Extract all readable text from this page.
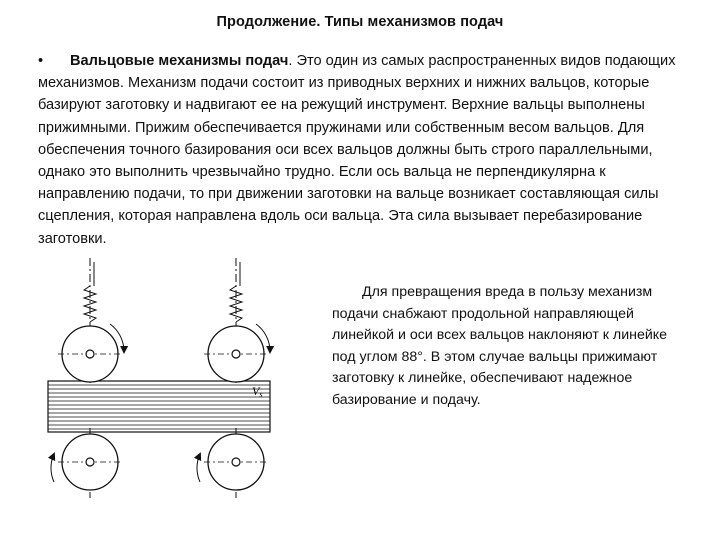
Продолжение. Типы механизмов подач
• Вальцовые механизмы подач. Это один из самых распространенных видов подающих механизмов. Механизм подачи состоит из приводных верхних и нижних вальцов, которые базируют заготовку и надвигают ее на режущий инструмент. Верхние вальцы выполнены прижимными. Прижим обеспечивается пружинами или собственным весом вальцов. Для обеспечения точного базирования оси всех вальцов должны быть строго параллельными, однако это выполнить чрезвычайно трудно. Если ось вальца не перпендикулярна к направлению подачи, то при движении заготовки на вальце возникает составляющая силы сцепления, которая направлена вдоль оси вальца. Эта сила вызывает перебазирование заготовки.
Vs
Для превращения вреда в пользу механизм подачи снабжают продольной направляющей линейкой и оси всех вальцов наклоняют к линейке под углом 88°. В этом случае вальцы прижимают заготовку к линейке, обеспечивают надежное базирование и подачу.
